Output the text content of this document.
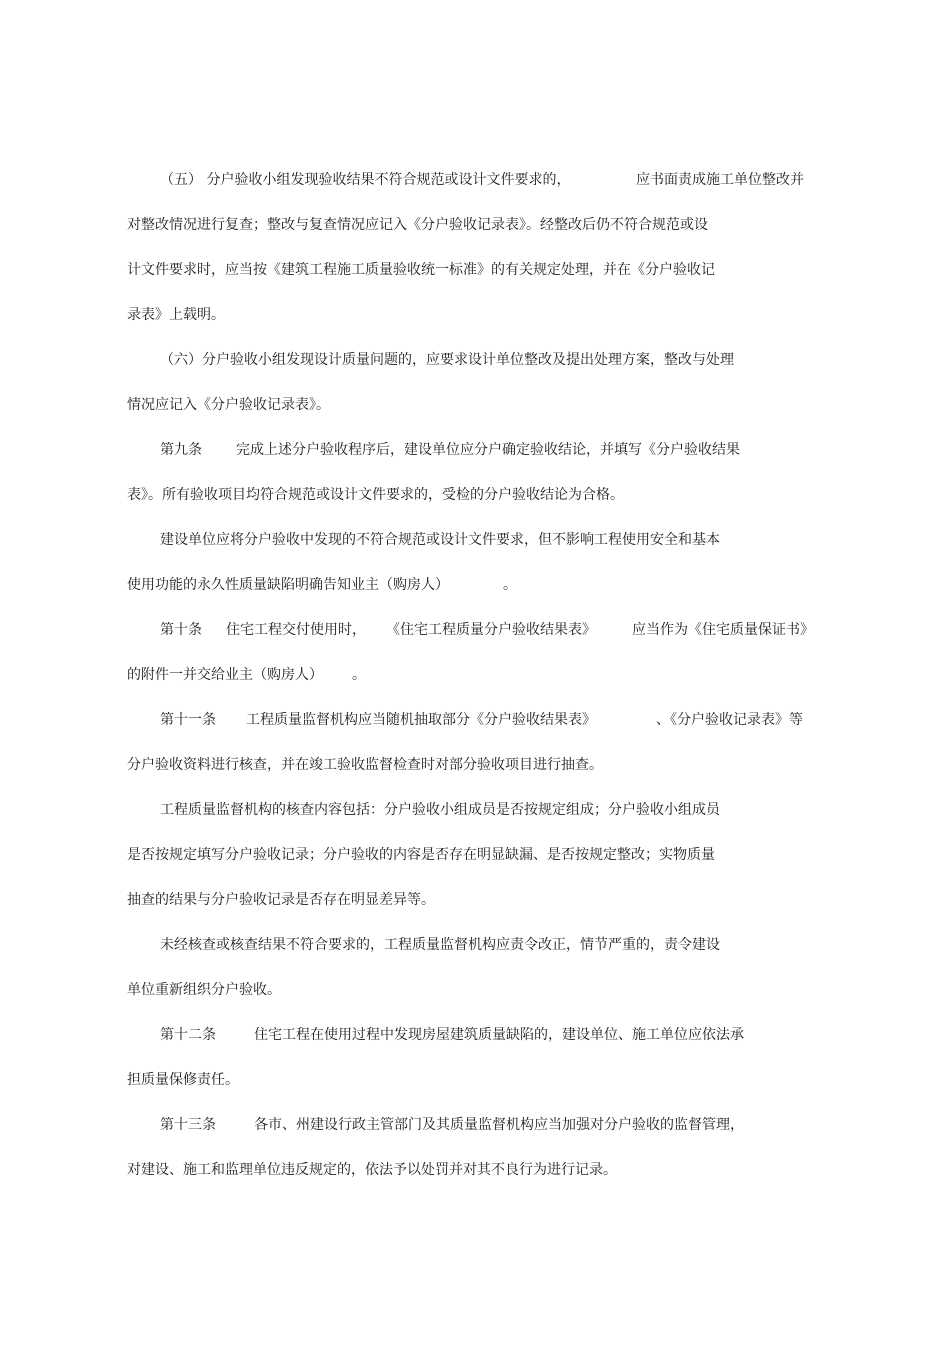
（五） 分户验收小组发现验收结果不符合规范或设计文件要求的，	应书面责成施工单位整改并
对整改情况进行复查；整改与复查情况应记入《分户验收记录表》。经整改后仍不符合规范或设
计文件要求时，应当按《建筑工程施工质量验收统一标准》的有关规定处理，并在《分户验收记
录表》上载明。
（六）分户验收小组发现设计质量问题的，应要求设计单位整改及提出处理方案，整改与处理
情况应记入《分户验收记录表》。
第九条 完成上述分户验收程序后，建设单位应分户确定验收结论，并填写《分户验收结果
表》。所有验收项目均符合规范或设计文件要求的，受检的分户验收结论为合格。
建设单位应将分户验收中发现的不符合规范或设计文件要求，但不影响工程使用安全和基本
使用功能的永久性质量缺陷明确告知业主（购房人）	。
第十条 住宅工程交付使用时， 《住宅工程质量分户验收结果表》	应当作为《住宅质量保证书》
的附件一并交给业主（购房人） 。
第十一条 工程质量监督机构应当随机抽取部分《分户验收结果表》	、《分户验收记录表》等
分户验收资料进行核查，并在竣工验收监督检查时对部分验收项目进行抽查。
工程质量监督机构的核查内容包括：分户验收小组成员是否按规定组成；分户验收小组成员
是否按规定填写分户验收记录；分户验收的内容是否存在明显缺漏、是否按规定整改；实物质量
抽查的结果与分户验收记录是否存在明显差异等。
未经核查或核查结果不符合要求的，工程质量监督机构应责令改正，情节严重的，责令建设
单位重新组织分户验收。
第十二条	住宅工程在使用过程中发现房屋建筑质量缺陷的，建设单位、施工单位应依法承
担质量保修责任。
第十三条	各市、州建设行政主管部门及其质量监督机构应当加强对分户验收的监督管理，
对建设、施工和监理单位违反规定的，依法予以处罚并对其不良行为进行记录。
